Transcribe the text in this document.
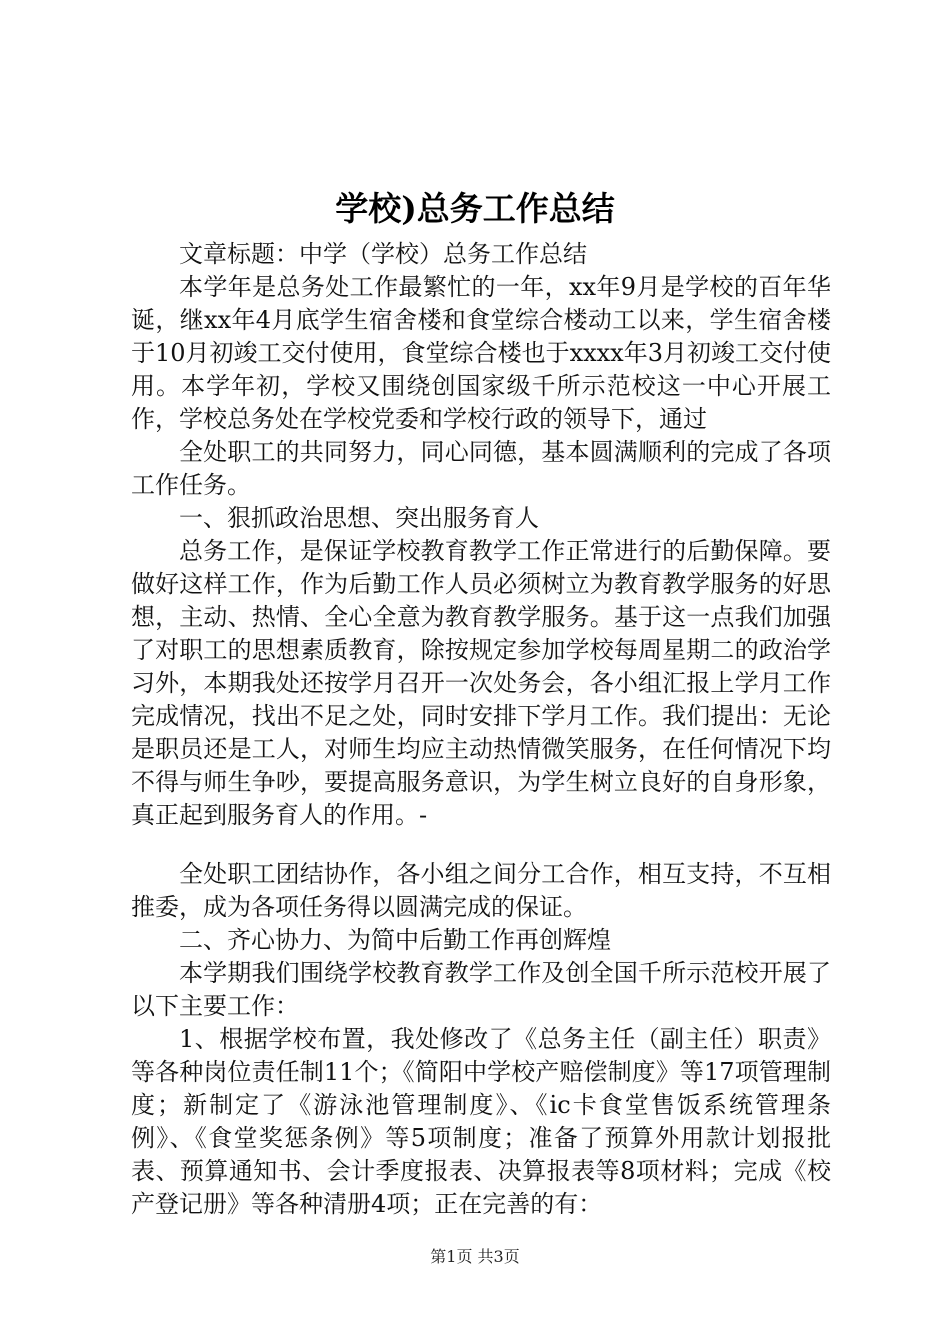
学校)总务工作总结

文章标题：中学（学校）总务工作总结

本学年是总务处工作最繁忙的一年，xx年9月是学校的百年华诞，继xx年4月底学生宿舍楼和食堂综合楼动工以来，学生宿舍楼于10月初竣工交付使用，食堂综合楼也于xxxx年3月初竣工交付使用。本学年初，学校又围绕创国家级千所示范校这一中心开展工作，学校总务处在学校党委和学校行政的领导下，通过

全处职工的共同努力，同心同德，基本圆满顺利的完成了各项工作任务。

一、狠抓政治思想、突出服务育人

总务工作，是保证学校教育教学工作正常进行的后勤保障。要做好这样工作，作为后勤工作人员必须树立为教育教学服务的好思想，主动、热情、全心全意为教育教学服务。基于这一点我们加强了对职工的思想素质教育，除按规定参加学校每周星期二的政治学习外，本期我处还按学月召开一次处务会，各小组汇报上学月工作完成情况，找出不足之处，同时安排下学月工作。我们提出：无论是职员还是工人，对师生均应主动热情微笑服务，在任何情况下均不得与师生争吵，要提高服务意识，为学生树立良好的自身形象，真正起到服务育人的作用。-

全处职工团结协作，各小组之间分工合作，相互支持，不互相推委，成为各项任务得以圆满完成的保证。

二、齐心协力、为简中后勤工作再创辉煌

本学期我们围绕学校教育教学工作及创全国千所示范校开展了以下主要工作：

1、根据学校布置，我处修改了《总务主任（副主任）职责》等各种岗位责任制11个；《简阳中学校产赔偿制度》等17项管理制度；新制定了《游泳池管理制度》、《ic卡食堂售饭系统管理条例》、《食堂奖惩条例》等5项制度；准备了预算外用款计划报批表、预算通知书、会计季度报表、决算报表等8项材料；完成《校产登记册》等各种清册4项；正在完善的有：

第1页 共3页
